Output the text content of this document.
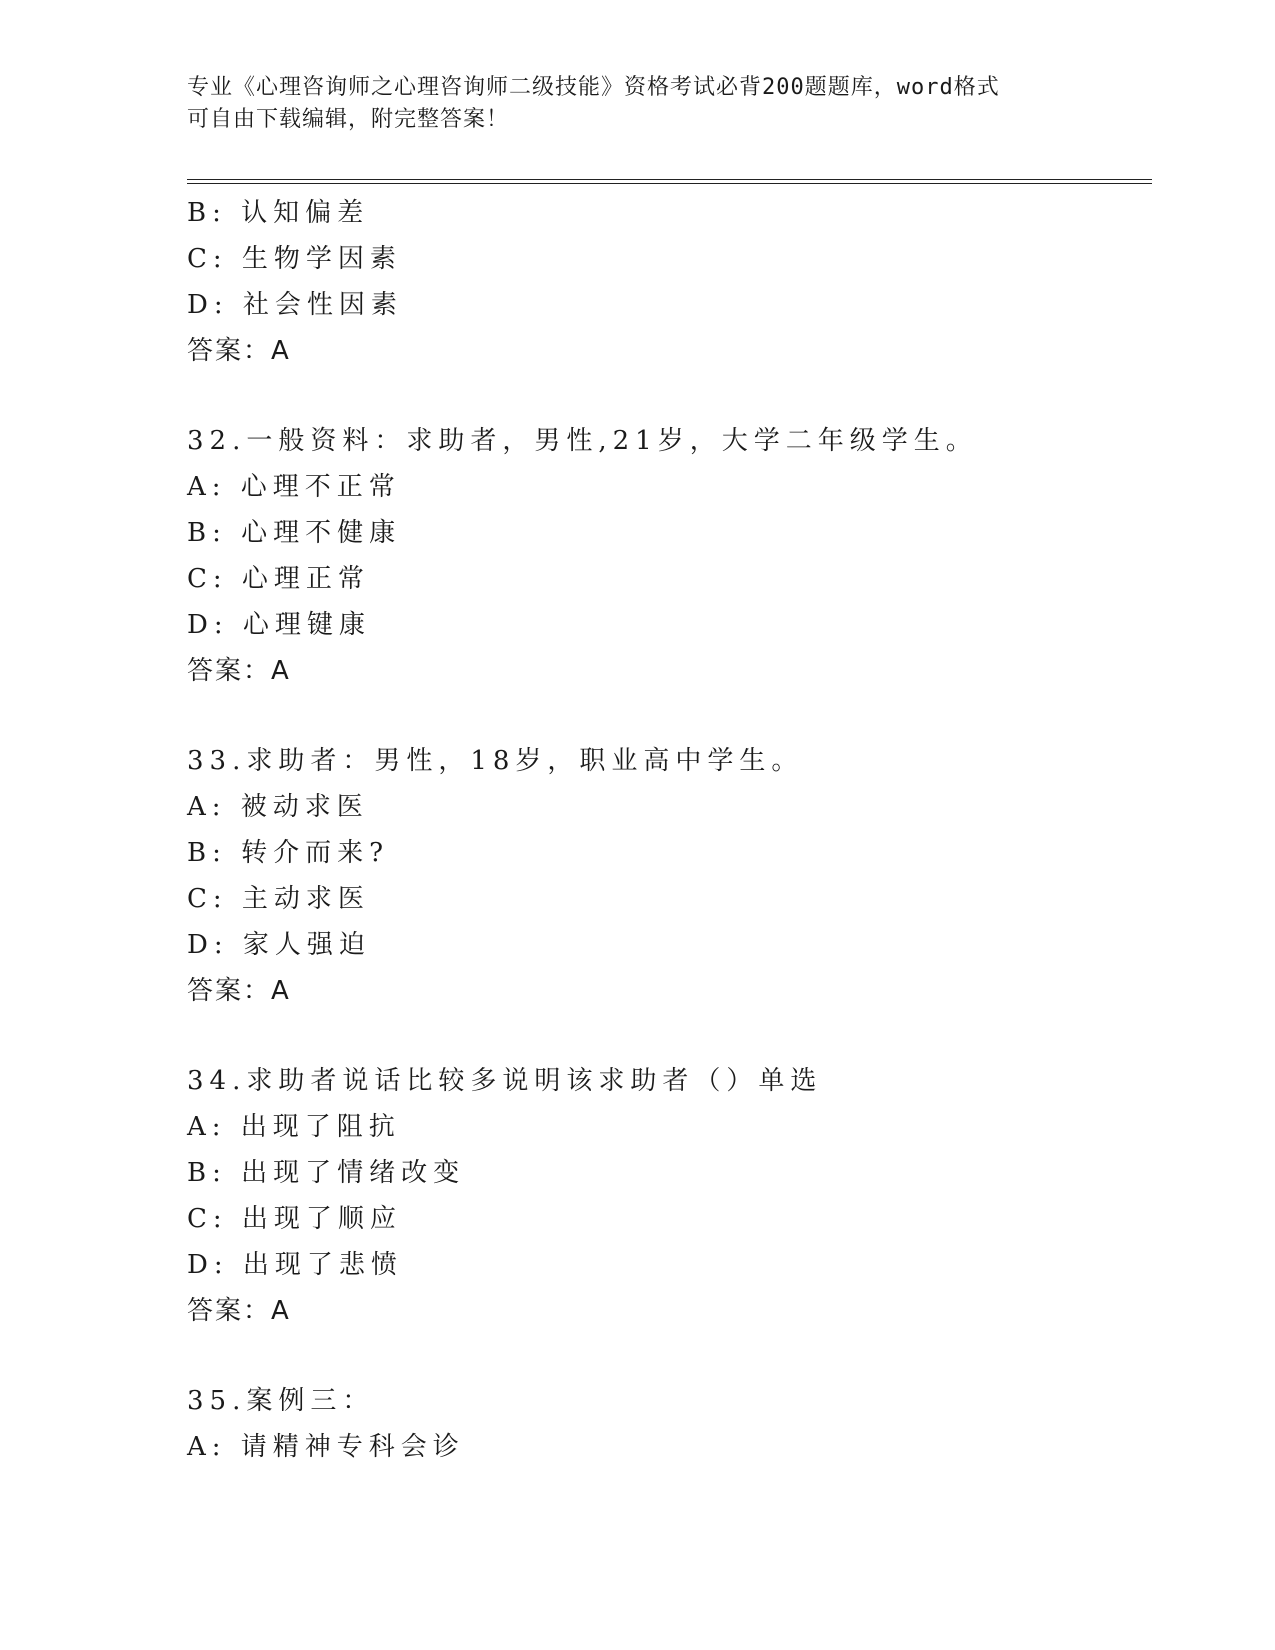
专业《心理咨询师之心理咨询师二级技能》资格考试必背200题题库，word格式
可自由下载编辑，附完整答案！
B: 认知偏差
C: 生物学因素
D: 社会性因素
答案：A
32.一般资料：求助者，男性,21岁，大学二年级学生。
A: 心理不正常
B: 心理不健康
C: 心理正常
D: 心理键康
答案：A
33.求助者：男性，18岁，职业高中学生。
A: 被动求医
B: 转介而来?
C: 主动求医
D: 家人强迫
答案：A
34.求助者说话比较多说明该求助者（）单选
A: 出现了阻抗
B: 出现了情绪改变
C: 出现了顺应
D: 出现了悲愤
答案：A
35.案例三：
A: 请精神专科会诊
